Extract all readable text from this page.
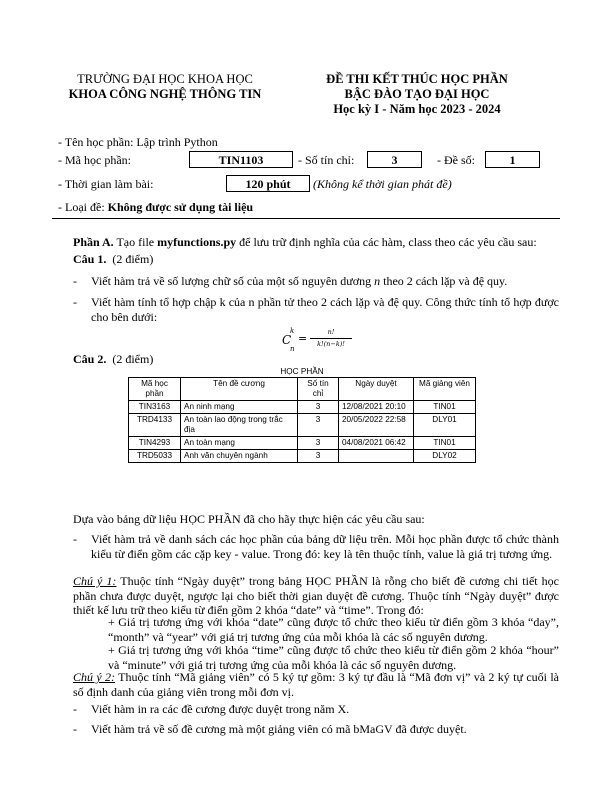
TRƯỜNG ĐẠI HỌC KHOA HỌC
KHOA CÔNG NGHỆ THÔNG TIN
ĐỀ THI KẾT THÚC HỌC PHẦN
BẬC ĐÀO TẠO ĐẠI HỌC
Học kỳ I - Năm học 2023 - 2024
- Tên học phần: Lập trình Python
- Mã học phần:	TIN1103	- Số tín chỉ:	3	- Đề số:	1
- Thời gian làm bài:	120 phút	(Không kể thời gian phát đề)
- Loại đề: Không được sử dụng tài liệu
Phần A. Tạo file myfunctions.py để lưu trữ định nghĩa của các hàm, class theo các yêu cầu sau:
Câu 1. (2 điểm)
- Viết hàm trả về số lượng chữ số của một số nguyên dương n theo 2 cách lặp và đệ quy.
- Viết hàm tính tổ hợp chập k của n phần tử theo 2 cách lặp và đệ quy. Công thức tính tổ hợp được cho bên dưới:
C
k
n
=	n!
k!(n−k)!
Câu 2. (2 điểm)
HỌC PHẦN				
Mã học phần	Tên đề cương	Số tín chỉ	Ngày duyệt	Mã giảng viên
TIN3163	An ninh mạng	3	12/08/2021 20:10	TIN01
TRD4133	An toàn lao động trong trắc địa	3	20/05/2022 22:58	DLY01
TIN4293	An toàn mạng	3	04/08/2021 06:42	TIN01
TRD5033	Anh văn chuyên ngành	3		DLY02
Dựa vào bảng dữ liệu HỌC PHẦN đã cho hãy thực hiện các yêu cầu sau:
- Viết hàm trả về danh sách các học phần của bảng dữ liệu trên. Mỗi học phần được tổ chức thành kiểu từ điển gồm các cặp key - value. Trong đó: key là tên thuộc tính, value là giá trị tương ứng.
Chú ý 1: Thuộc tính “Ngày duyệt” trong bảng HỌC PHẦN là rỗng cho biết đề cương chi tiết học phần chưa được duyệt, ngược lại cho biết thời gian duyệt đề cương. Thuộc tính “Ngày duyệt” được thiết kế lưu trữ theo kiểu từ điển gồm 2 khóa “date” và “time”. Trong đó:
+ Giá trị tương ứng với khóa “date” cũng được tổ chức theo kiểu từ điển gồm 3 khóa “day”, “month” và “year” với giá trị tương ứng của mỗi khóa là các số nguyên dương.
+ Giá trị tương ứng với khóa “time” cũng được tổ chức theo kiểu từ điển gồm 2 khóa “hour” và “minute” với giá trị tương ứng của mỗi khóa là các số nguyên dương.
Chú ý 2: Thuộc tính “Mã giảng viên” có 5 ký tự gồm: 3 ký tự đầu là “Mã đơn vị” và 2 ký tự cuối là số định danh của giảng viên trong mỗi đơn vị.
- Viết hàm in ra các đề cương được duyệt trong năm X.
- Viết hàm trả về số đề cương mà một giảng viên có mã bMaGV đã được duyệt.
